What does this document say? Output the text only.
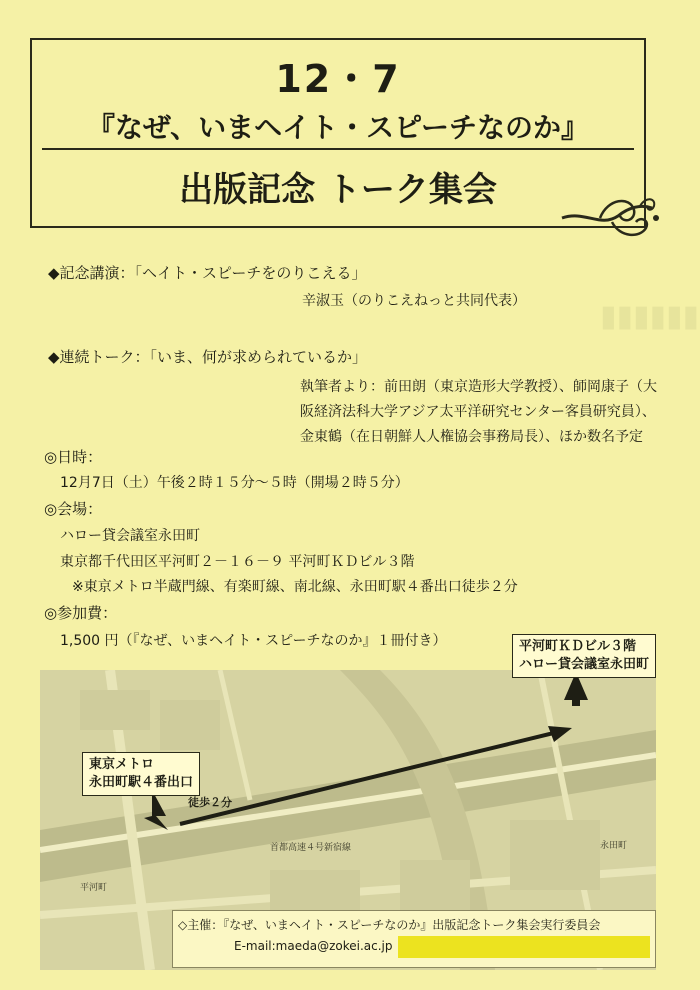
▮▮▮▮▮▮
12・7
『なぜ、いまヘイト・スピーチなのか』
出版記念 トーク集会
◆記念講演：「ヘイト・スピーチをのりこえる」
辛淑玉（のりこえねっと共同代表）
◆連続トーク：「いま、何が求められているか」
執筆者より：前田朗（東京造形大学教授）、師岡康子（大
阪経済法科大学アジア太平洋研究センター客員研究員）、
金東鶴（在日朝鮮人人権協会事務局長）、ほか数名予定
◎日時：
12月7日（土）午後２時１５分～５時（開場２時５分）
◎会場：
ハロー貸会議室永田町
東京都千代田区平河町２－１６－９ 平河町ＫＤビル３階
※東京メトロ半蔵門線、有楽町線、南北線、永田町駅４番出口徒歩２分
◎参加費：
1,500 円（『なぜ、いまヘイト・スピーチなのか』１冊付き）
平河町
永田町
首都高速４号新宿線
徒歩２分
平河町ＫＤビル３階
ハロー貸会議室永田町
東京メトロ
永田町駅４番出口
◇主催：『なぜ、いまヘイト・スピーチなのか』出版記念トーク集会実行委員会
E-mail:maeda@zokei.ac.jp
